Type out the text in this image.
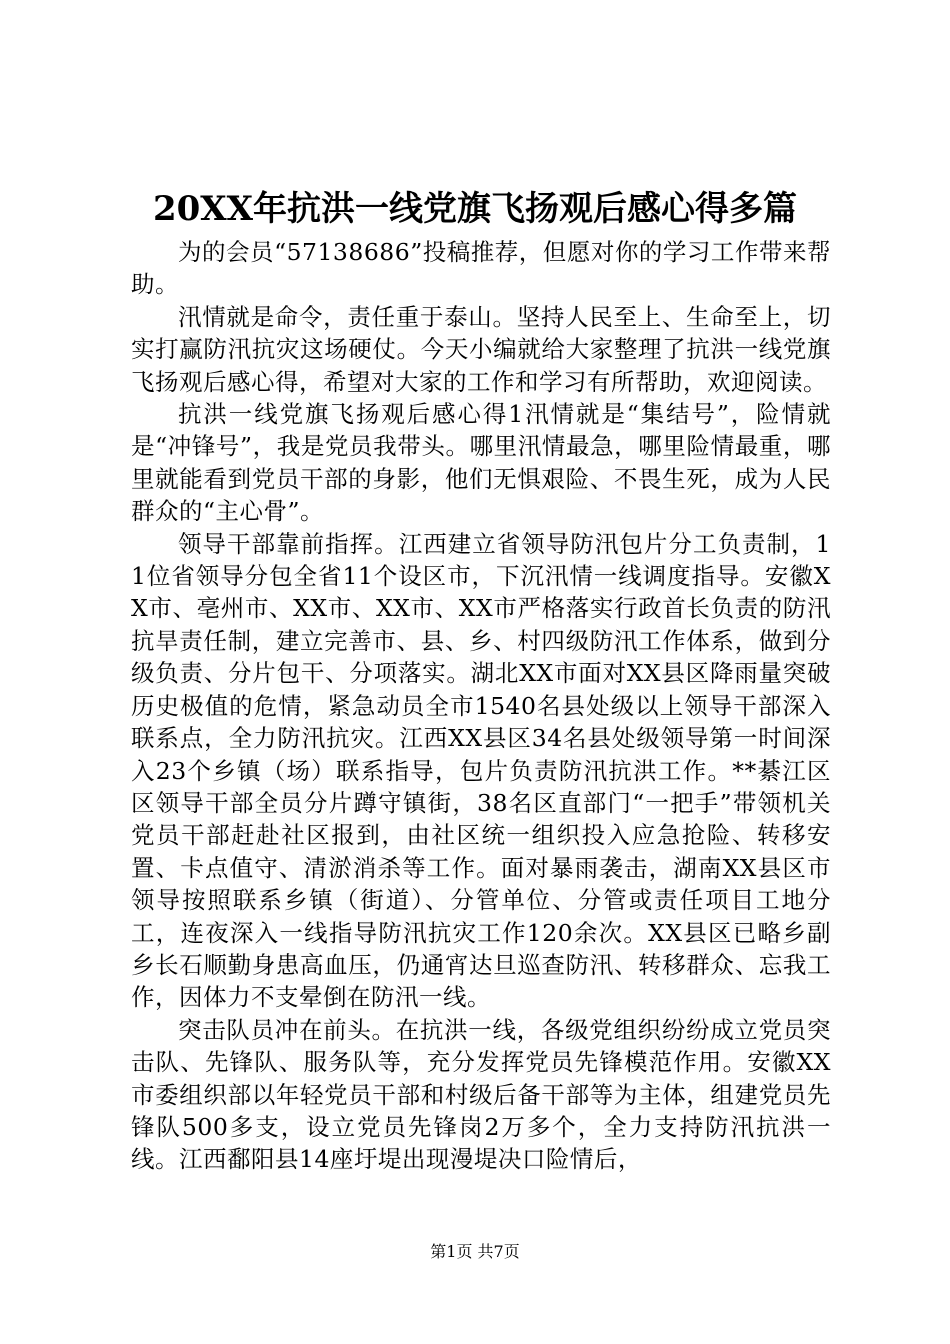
20XX年抗洪一线党旗飞扬观后感心得多篇

为的会员“57138686”投稿推荐，但愿对你的学习工作带来帮助。

汛情就是命令，责任重于泰山。坚持人民至上、生命至上，切实打赢防汛抗灾这场硬仗。今天小编就给大家整理了抗洪一线党旗飞扬观后感心得，希望对大家的工作和学习有所帮助，欢迎阅读。

抗洪一线党旗飞扬观后感心得1汛情就是“集结号”，险情就是“冲锋号”，我是党员我带头。哪里汛情最急，哪里险情最重，哪里就能看到党员干部的身影，他们无惧艰险、不畏生死，成为人民群众的“主心骨”。

领导干部靠前指挥。江西建立省领导防汛包片分工负责制，11位省领导分包全省11个设区市，下沉汛情一线调度指导。安徽XX市、亳州市、XX市、XX市、XX市严格落实行政首长负责的防汛抗旱责任制，建立完善市、县、乡、村四级防汛工作体系，做到分级负责、分片包干、分项落实。湖北XX市面对XX县区降雨量突破历史极值的危情，紧急动员全市1540名县处级以上领导干部深入联系点，全力防汛抗灾。江西XX县区34名县处级领导第一时间深入23个乡镇（场）联系指导，包片负责防汛抗洪工作。**綦江区区领导干部全员分片蹲守镇街，38名区直部门“一把手”带领机关党员干部赶赴社区报到，由社区统一组织投入应急抢险、转移安置、卡点值守、清淤消杀等工作。面对暴雨袭击，湖南XX县区市领导按照联系乡镇（街道）、分管单位、分管或责任项目工地分工，连夜深入一线指导防汛抗灾工作120余次。XX县区已略乡副乡长石顺勤身患高血压，仍通宵达旦巡查防汛、转移群众、忘我工作，因体力不支晕倒在防汛一线。

突击队员冲在前头。在抗洪一线，各级党组织纷纷成立党员突击队、先锋队、服务队等，充分发挥党员先锋模范作用。安徽XX市委组织部以年轻党员干部和村级后备干部等为主体，组建党员先锋队500多支，设立党员先锋岗2万多个，全力支持防汛抗洪一线。江西鄱阳县14座圩堤出现漫堤决口险情后，

第1页 共7页
